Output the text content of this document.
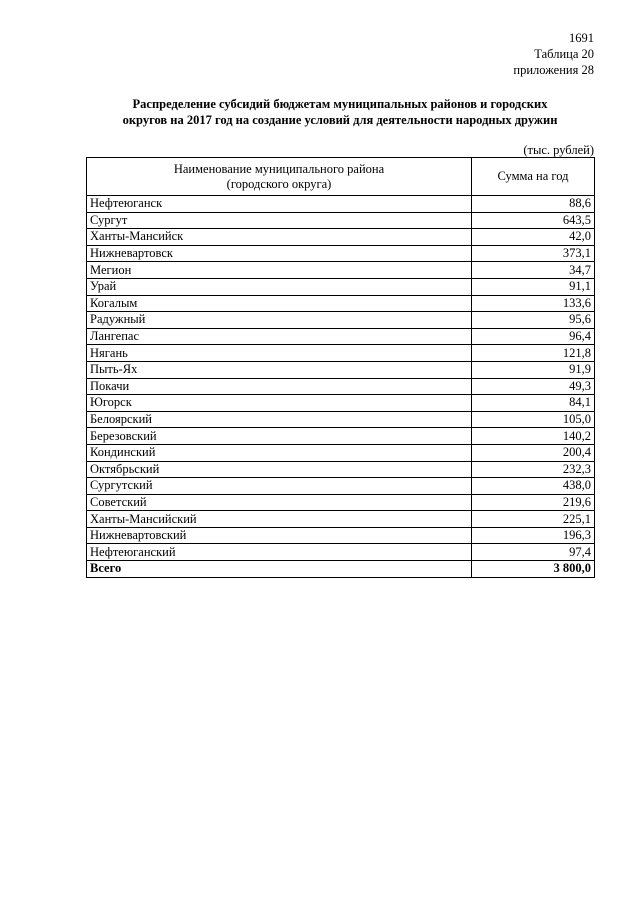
1691
Таблица 20
приложения 28
Распределение субсидий бюджетам муниципальных районов и городских
округов на 2017 год на создание условий для деятельности народных дружин
(тыс. рублей)
Наименование муниципального района
(городского округа)	Сумма на год
Нефтеюганск	88,6
Сургут	643,5
Ханты-Мансийск	42,0
Нижневартовск	373,1
Мегион	34,7
Урай	91,1
Когалым	133,6
Радужный	95,6
Лангепас	96,4
Нягань	121,8
Пыть-Ях	91,9
Покачи	49,3
Югорск	84,1
Белоярский	105,0
Березовский	140,2
Кондинский	200,4
Октябрьский	232,3
Сургутский	438,0
Советский	219,6
Ханты-Мансийский	225,1
Нижневартовский	196,3
Нефтеюганский	97,4
Всего	3 800,0
